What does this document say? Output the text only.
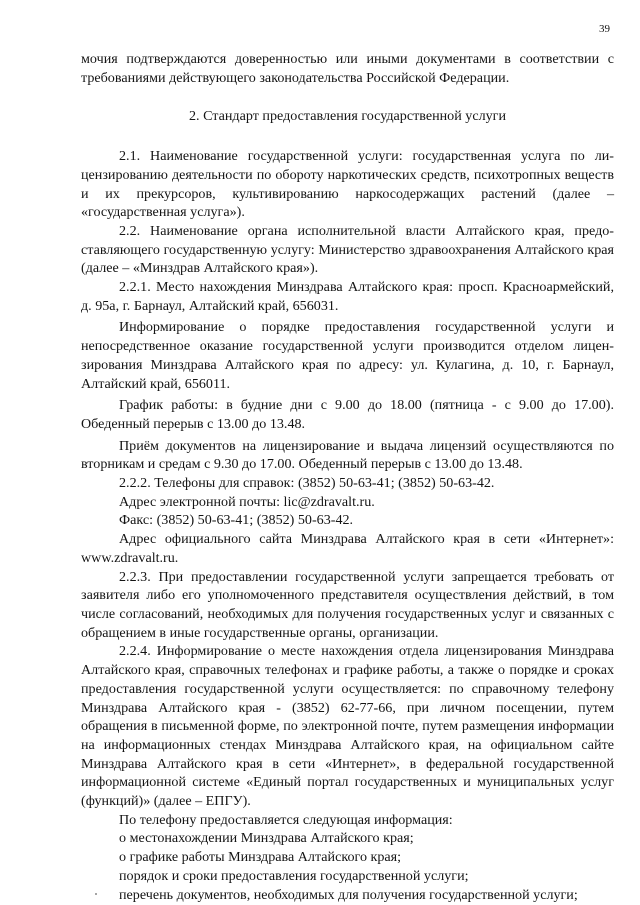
39

мочия подтверждаются доверенностью или иными документами в соответствии с требованиями действующего законодательства Российской Федерации.

2. Стандарт предоставления государственной услуги

2.1. Наименование государственной услуги: государственная услуга по лицензированию деятельности по обороту наркотических средств, психотропных веществ и их прекурсоров, культивированию наркосодержащих растений (далее – «государственная услуга»).

2.2. Наименование органа исполнительной власти Алтайского края, предоставляющего государственную услугу: Министерство здравоохранения Алтайского края (далее – «Минздрав Алтайского края»).

2.2.1. Место нахождения Минздрава Алтайского края: просп. Красноармейский, д. 95а, г. Барнаул, Алтайский край, 656031.

Информирование о порядке предоставления государственной услуги и непосредственное оказание государственной услуги производится отделом лицензирования Минздрава Алтайского края по адресу: ул. Кулагина, д. 10, г. Барнаул, Алтайский край, 656011.

График работы: в будние дни с 9.00 до 18.00 (пятница - с 9.00 до 17.00). Обеденный перерыв с 13.00 до 13.48.

Приём документов на лицензирование и выдача лицензий осуществляются по вторникам и средам с 9.30 до 17.00. Обеденный перерыв с 13.00 до 13.48.

2.2.2. Телефоны для справок: (3852) 50-63-41; (3852) 50-63-42.

Адрес электронной почты: lic@zdravalt.ru.

Факс: (3852) 50-63-41; (3852) 50-63-42.

Адрес официального сайта Минздрава Алтайского края в сети «Интернет»: www.zdravalt.ru.

2.2.3. При предоставлении государственной услуги запрещается требовать от заявителя либо его уполномоченного представителя осуществления действий, в том числе согласований, необходимых для получения государственных услуг и связанных с обращением в иные государственные органы, организации.

2.2.4. Информирование о месте нахождения отдела лицензирования Минздрава Алтайского края, справочных телефонах и графике работы, а также о порядке и сроках предоставления государственной услуги осуществляется: по справочному телефону Минздрава Алтайского края - (3852) 62-77-66, при личном посещении, путем обращения в письменной форме, по электронной почте, путем размещения информации на информационных стендах Минздрава Алтайского края, на официальном сайте Минздрава Алтайского края в сети «Интернет», в федеральной государственной информационной системе «Единый портал государственных и муниципальных услуг (функций)» (далее – ЕПГУ).

По телефону предоставляется следующая информация:

о местонахождении Минздрава Алтайского края;

о графике работы Минздрава Алтайского края;

порядок и сроки предоставления государственной услуги;

перечень документов, необходимых для получения государственной услуги;
